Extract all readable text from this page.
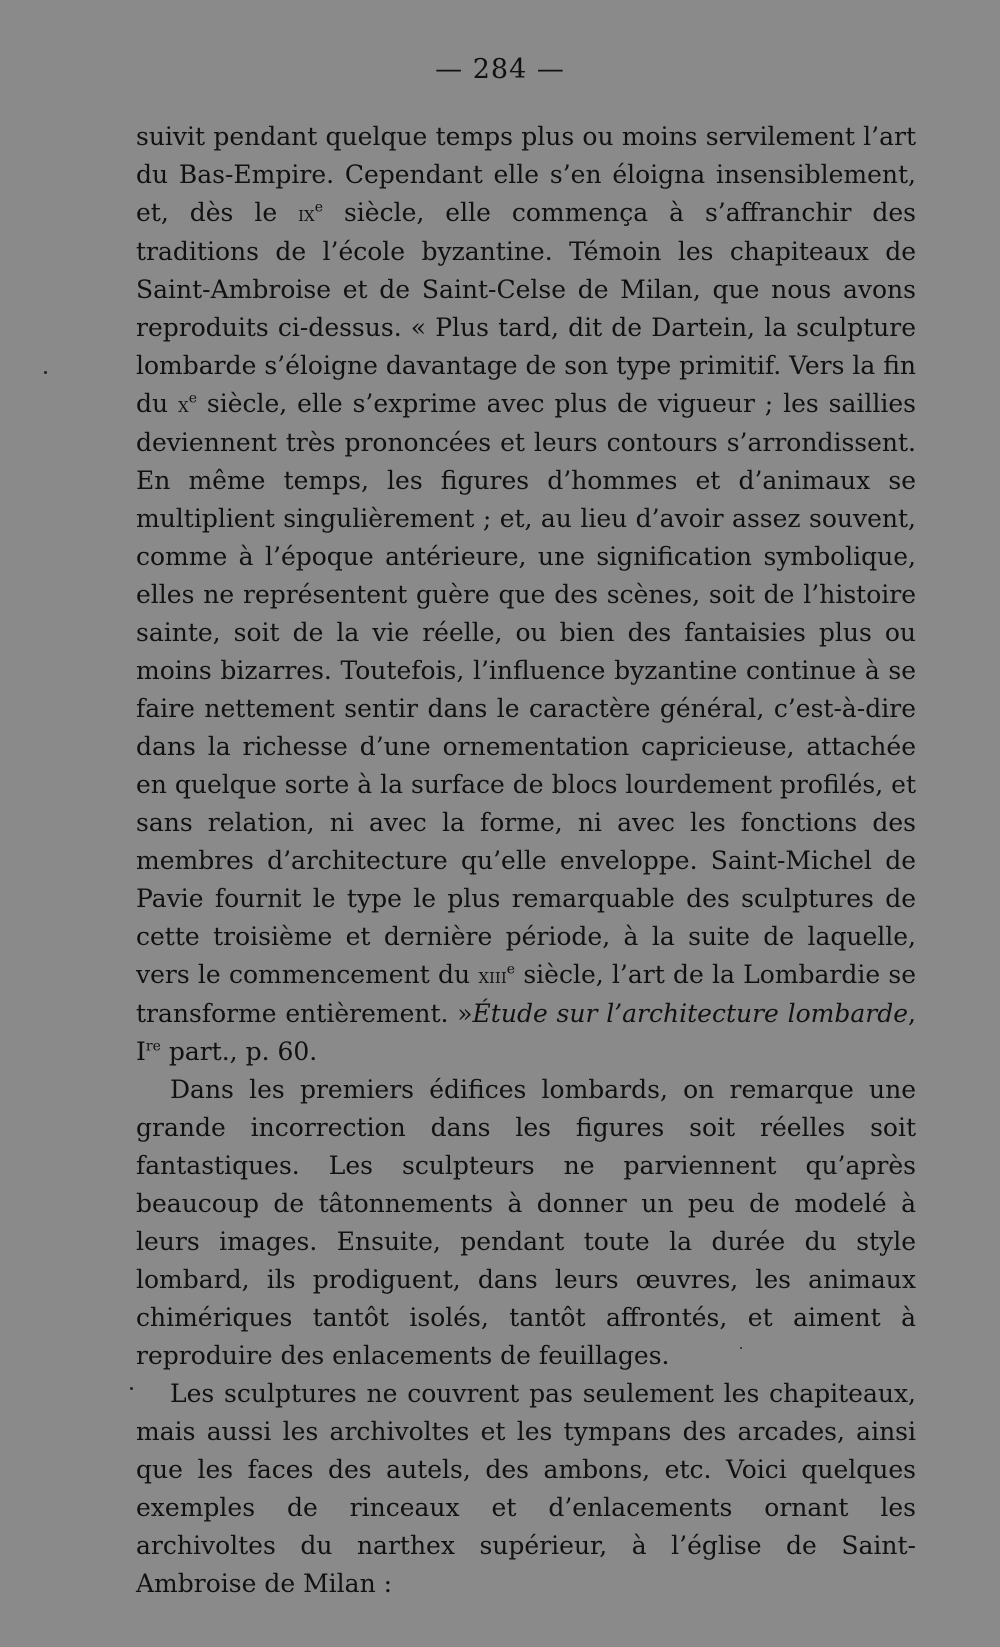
— 284 —

suivit pendant quelque temps plus ou moins servilement l’art du Bas-Empire. Cependant elle s’en éloigna insensiblement, et, dès le $ix^e$ siècle, elle commença à s’affranchir des traditions de l’école byzantine. Témoin les chapiteaux de Saint-Ambroise et de Saint-Celse de Milan, que nous avons reproduits ci-dessus. « Plus tard, dit de Dartein, la sculpture lombarde s’éloigne davantage de son type primitif. Vers la fin du $x^e$ siècle, elle s’exprime avec plus de vigueur ; les saillies deviennent très prononcées et leurs contours s’arrondissent. En même temps, les figures d’hommes et d’animaux se multiplient singulièrement ; et, au lieu d’avoir assez souvent, comme à l’époque antérieure, une signification symbolique, elles ne représentent guère que des scènes, soit de l’histoire sainte, soit de la vie réelle, ou bien des fantaisies plus ou moins bizarres. Toutefois, l’influence byzantine continue à se faire nettement sentir dans le caractère général, c’est-à-dire dans la richesse d’une ornementation capricieuse, attachée en quelque sorte à la surface de blocs lourdement profilés, et sans relation, ni avec la forme, ni avec les fonctions des membres d’architecture qu’elle enveloppe. Saint-Michel de Pavie fournit le type le plus remarquable des sculptures de cette troisième et dernière période, à la suite de laquelle, vers le commencement du xiii$^e$ siècle, l’art de la Lombardie se transforme entièrement. »Étude sur l’architecture lombarde, Ire part., p. 60.

Dans les premiers édifices lombards, on remarque une grande incorrection dans les figures soit réelles soit fantastiques. Les sculpteurs ne parviennent qu’après beaucoup de tâtonnements à donner un peu de modelé à leurs images. Ensuite, pendant toute la durée du style lombard, ils prodiguent, dans leurs œuvres, les animaux chimériques tantôt isolés, tantôt affrontés, et aiment à reproduire des enlacements de feuillages.

Les sculptures ne couvrent pas seulement les chapiteaux, mais aussi les archivoltes et les tympans des arcades, ainsi que les faces des autels, des ambons, etc. Voici quelques exemples de rinceaux et d’enlacements ornant les archivoltes du narthex supérieur, à l’église de Saint-Ambroise de Milan :
